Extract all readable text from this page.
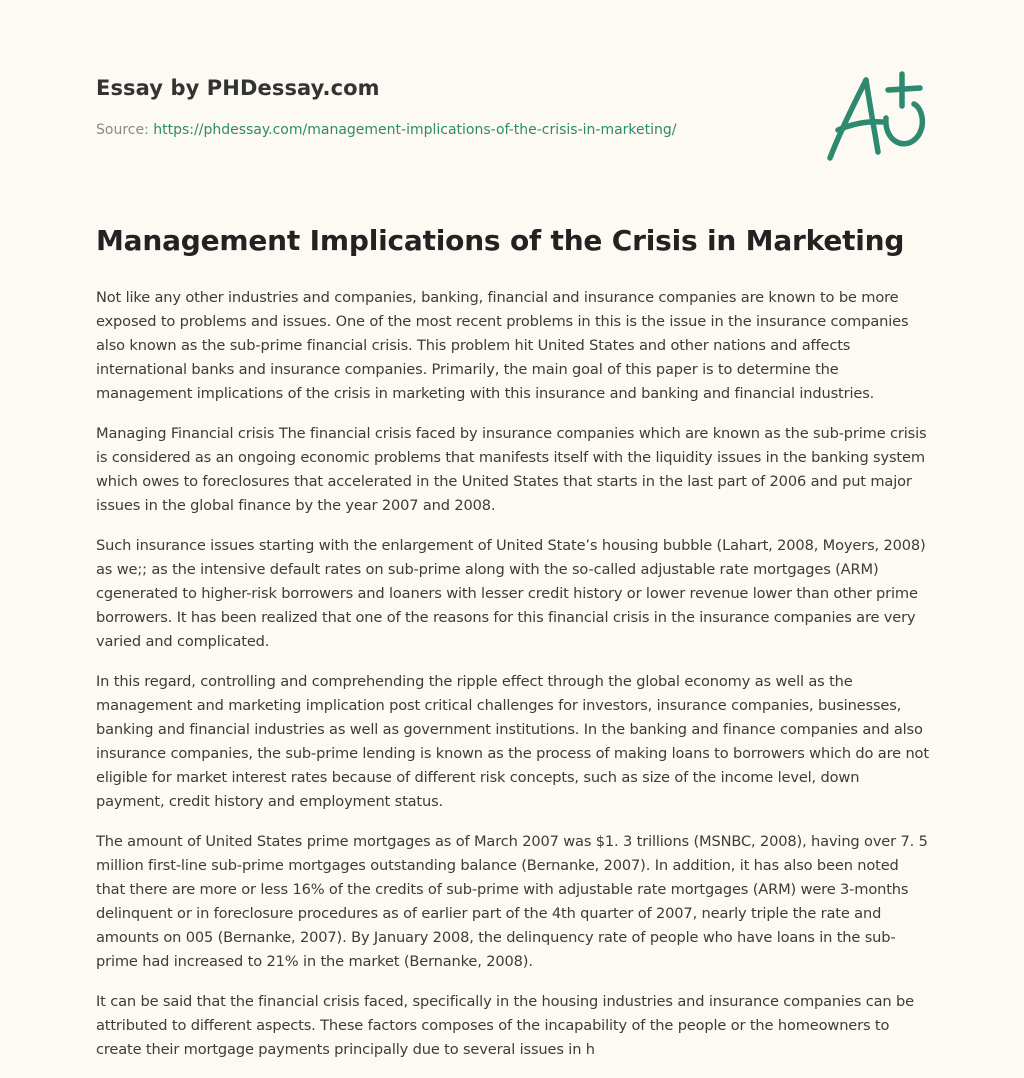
Essay by PHDessay.com
Source: https://phdessay.com/management-implications-of-the-crisis-in-marketing/
Management Implications of the Crisis in Marketing

Not like any other industries and companies, banking, financial and insurance companies are known to be more exposed to problems and issues. One of the most recent problems in this is the issue in the insurance companies also known as the sub-prime financial crisis. This problem hit United States and other nations and affects international banks and insurance companies. Primarily, the main goal of this paper is to determine the management implications of the crisis in marketing with this insurance and banking and financial industries.

Managing Financial crisis The financial crisis faced by insurance companies which are known as the sub-prime crisis is considered as an ongoing economic problems that manifests itself with the liquidity issues in the banking system which owes to foreclosures that accelerated in the United States that starts in the last part of 2006 and put major issues in the global finance by the year 2007 and 2008.

Such insurance issues starting with the enlargement of United State’s housing bubble (Lahart, 2008, Moyers, 2008) as we;; as the intensive default rates on sub-prime along with the so-called adjustable rate mortgages (ARM) cgenerated to higher-risk borrowers and loaners with lesser credit history or lower revenue lower than other prime borrowers. It has been realized that one of the reasons for this financial crisis in the insurance companies are very varied and complicated.

In this regard, controlling and comprehending the ripple effect through the global economy as well as the management and marketing implication post critical challenges for investors, insurance companies, businesses, banking and financial industries as well as government institutions. In the banking and finance companies and also insurance companies, the sub-prime lending is known as the process of making loans to borrowers which do are not eligible for market interest rates because of different risk concepts, such as size of the income level, down payment, credit history and employment status.

The amount of United States prime mortgages as of March 2007 was $1. 3 trillions (MSNBC, 2008), having over 7. 5 million first-line sub-prime mortgages outstanding balance (Bernanke, 2007). In addition, it has also been noted that there are more or less 16% of the credits of sub-prime with adjustable rate mortgages (ARM) were 3-months delinquent or in foreclosure procedures as of earlier part of the 4th quarter of 2007, nearly triple the rate and amounts on 005 (Bernanke, 2007). By January 2008, the delinquency rate of people who have loans in the sub-prime had increased to 21% in the market (Bernanke, 2008).

It can be said that the financial crisis faced, specifically in the housing industries and insurance companies can be attributed to different aspects. These factors composes of the incapability of the people or the homeowners to create their mortgage payments principally due to several issues in h
